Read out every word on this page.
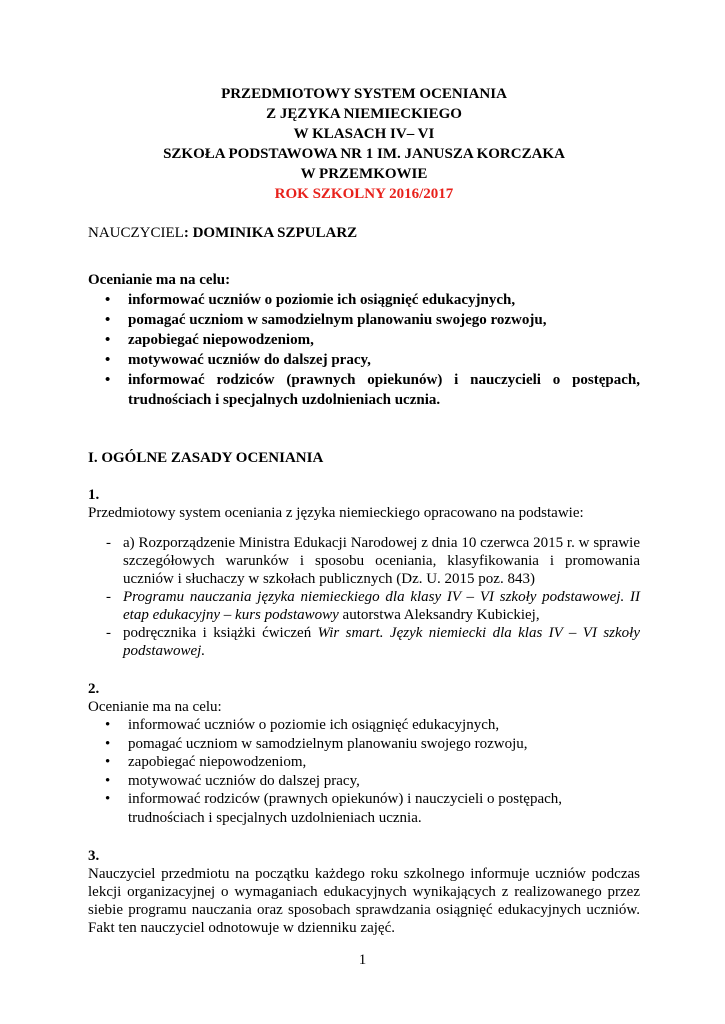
PRZEDMIOTOWY SYSTEM OCENIANIA
Z JĘZYKA NIEMIECKIEGO
W KLASACH IV– VI
SZKOŁA PODSTAWOWA NR 1 IM. JANUSZA KORCZAKA
W PRZEMKOWIE
ROK SZKOLNY 2016/2017
NAUCZYCIEL: DOMINIKA SZPULARZ
Ocenianie ma na celu:
• informować uczniów o poziomie ich osiągnięć edukacyjnych,
• pomagać uczniom w samodzielnym planowaniu swojego rozwoju,
• zapobiegać niepowodzeniom,
• motywować uczniów do dalszej pracy,
• informować rodziców (prawnych opiekunów) i nauczycieli o postępach, trudnościach i specjalnych uzdolnieniach ucznia.
I. OGÓLNE ZASADY OCENIANIA
1.
Przedmiotowy system oceniania z języka niemieckiego opracowano na podstawie:
- a) Rozporządzenie Ministra Edukacji Narodowej z dnia 10 czerwca 2015 r. w sprawie szczegółowych warunków i sposobu oceniania, klasyfikowania i promowania uczniów i słuchaczy w szkołach publicznych (Dz. U. 2015 poz. 843)
- Programu nauczania języka niemieckiego dla klasy IV – VI szkoły podstawowej. II etap edukacyjny – kurs podstawowy autorstwa Aleksandry Kubickiej,
- podręcznika i książki ćwiczeń Wir smart. Język niemiecki dla klas IV – VI szkoły podstawowej.
2.
Ocenianie ma na celu:
• informować uczniów o poziomie ich osiągnięć edukacyjnych,
• pomagać uczniom w samodzielnym planowaniu swojego rozwoju,
• zapobiegać niepowodzeniom,
• motywować uczniów do dalszej pracy,
• informować rodziców (prawnych opiekunów) i nauczycieli o postępach, trudnościach i specjalnych uzdolnieniach ucznia.
3.
Nauczyciel przedmiotu na początku każdego roku szkolnego informuje uczniów podczas lekcji organizacyjnej o wymaganiach edukacyjnych wynikających z realizowanego przez siebie programu nauczania oraz sposobach sprawdzania osiągnięć edukacyjnych uczniów. Fakt ten nauczyciel odnotowuje w dzienniku zajęć.
1
